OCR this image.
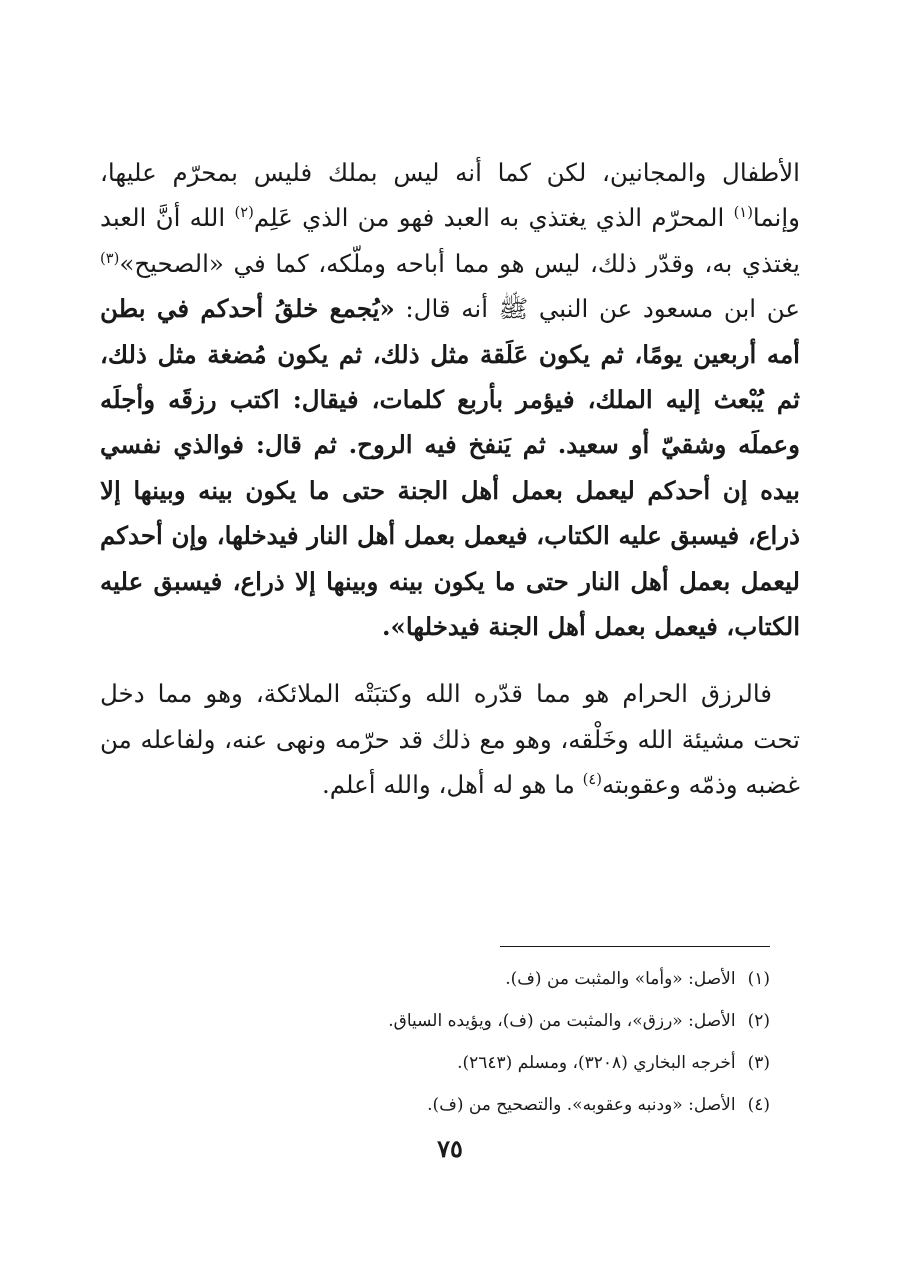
الأطفال والمجانين، لكن كما أنه ليس بملك فليس بمحرّم عليها، وإنما$^{(١)}$ المحرّم الذي يغتذي به العبد فهو من الذي عَلِم$^{(٢)}$ الله أنَّ العبد يغتذي به، وقدّر ذلك، ليس هو مما أباحه وملّكه، كما في «الصحيح»$^{(٣)}$ عن ابن مسعود عن النبي ﷺ أنه قال: «يُجمع خلقُ أحدكم في بطن أمه أربعين يومًا، ثم يكون عَلَقة مثل ذلك، ثم يكون مُضغة مثل ذلك، ثم يُبْعث إليه الملك، فيؤمر بأربع كلمات، فيقال: اكتب رزقَه وأجلَه وعملَه وشقيّ أو سعيد. ثم يَنفخ فيه الروح. ثم قال: فوالذي نفسي بيده إن أحدكم ليعمل بعمل أهل الجنة حتى ما يكون بينه وبينها إلا ذراع، فيسبق عليه الكتاب، فيعمل بعمل أهل النار فيدخلها، وإن أحدكم ليعمل بعمل أهل النار حتى ما يكون بينه وبينها إلا ذراع، فيسبق عليه الكتاب، فيعمل بعمل أهل الجنة فيدخلها».

فالرزق الحرام هو مما قدّره الله وكتبَتْه الملائكة، وهو مما دخل تحت مشيئة الله وخَلْقه، وهو مع ذلك قد حرّمه ونهى عنه، ولفاعله من غضبه وذمّه وعقوبته$^{(٤)}$ ما هو له أهل، والله أعلم.

(١)الأصل: «وأما» والمثبت من (ف).

(٢)الأصل: «رزق»، والمثبت من (ف)، ويؤيده السياق.

(٣)أخرجه البخاري (٣٢٠٨)، ومسلم (٢٦٤٣).

(٤)الأصل: «ودنبه وعقوبه». والتصحيح من (ف).

٧٥
